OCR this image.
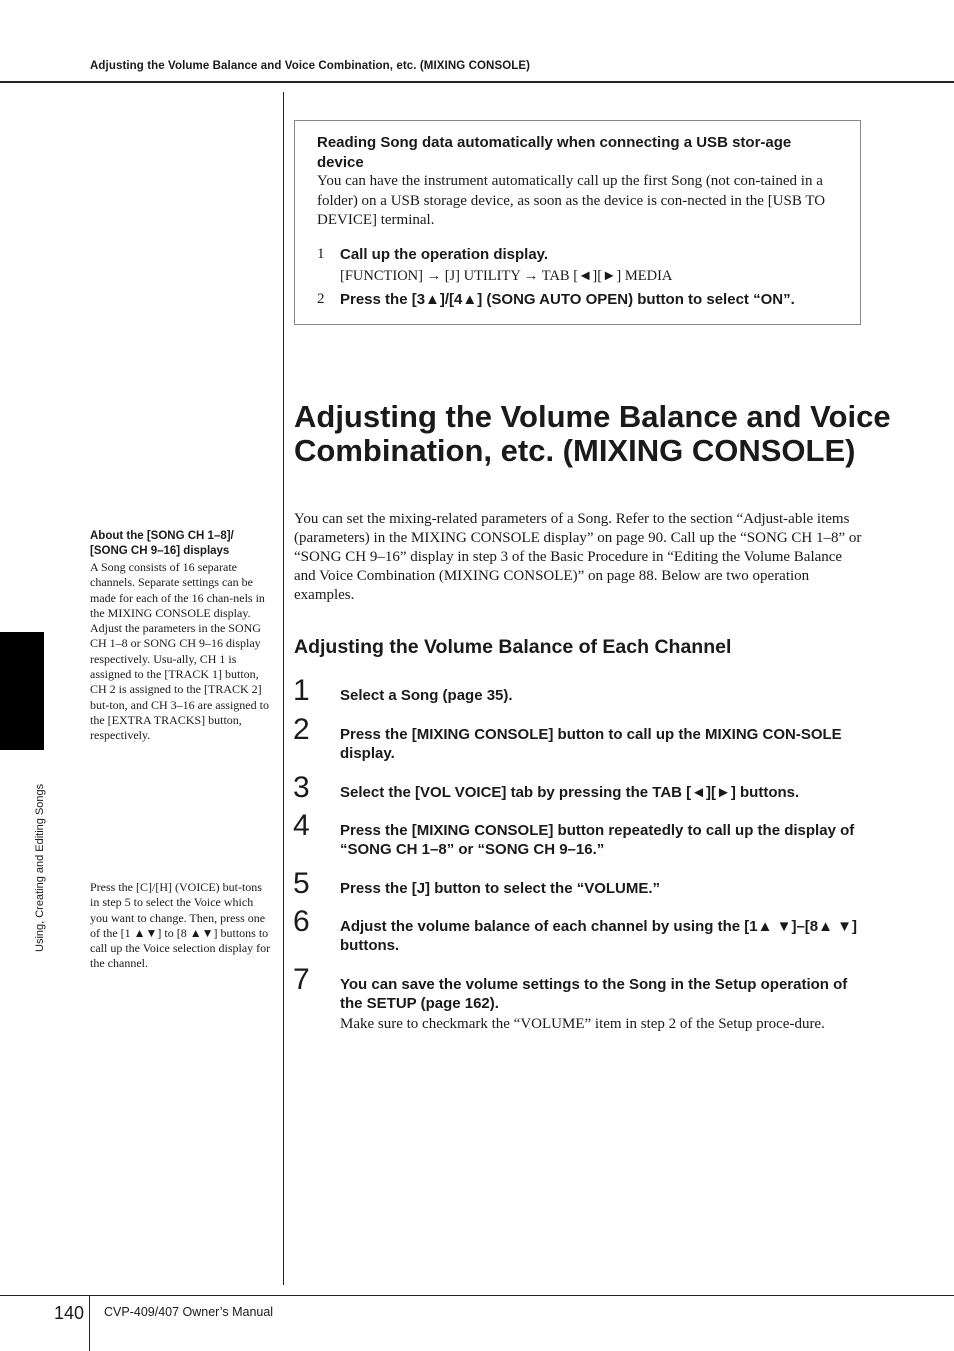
Adjusting the Volume Balance and Voice Combination, etc. (MIXING CONSOLE)
Using, Creating and Editing Songs
Reading Song data automatically when connecting a USB stor-age device
You can have the instrument automatically call up the first Song (not con-tained in a folder) on a USB storage device, as soon as the device is con-nected in the [USB TO DEVICE] terminal.
1 Call up the operation display.
[FUNCTION] → [J] UTILITY → TAB [◄][►] MEDIA
2 Press the [3▲]/[4▲] (SONG AUTO OPEN) button to select “ON”.
Adjusting the Volume Balance and Voice Combination, etc. (MIXING CONSOLE)
You can set the mixing-related parameters of a Song. Refer to the section “Adjust-able items (parameters) in the MIXING CONSOLE display” on page 90. Call up the “SONG CH 1–8” or “SONG CH 9–16” display in step 3 of the Basic Procedure in “Editing the Volume Balance and Voice Combination (MIXING CONSOLE)” on page 88. Below are two operation examples.
Adjusting the Volume Balance of Each Channel
1 Select a Song (page 35).
2 Press the [MIXING CONSOLE] button to call up the MIXING CON-SOLE display.
3 Select the [VOL VOICE] tab by pressing the TAB [◄][►] buttons.
4 Press the [MIXING CONSOLE] button repeatedly to call up the display of “SONG CH 1–8” or “SONG CH 9–16.”
5 Press the [J] button to select the “VOLUME.”
6 Adjust the volume balance of each channel by using the [1▲ ▼]–[8▲ ▼] buttons.
7 You can save the volume settings to the Song in the Setup operation of the SETUP (page 162).
Make sure to checkmark the “VOLUME” item in step 2 of the Setup proce-dure.
About the [SONG CH 1–8]/ [SONG CH 9–16] displays
A Song consists of 16 separate channels. Separate settings can be made for each of the 16 chan-nels in the MIXING CONSOLE display. Adjust the parameters in the SONG CH 1–8 or SONG CH 9–16 display respectively. Usu-ally, CH 1 is assigned to the [TRACK 1] button, CH 2 is assigned to the [TRACK 2] but-ton, and CH 3–16 are assigned to the [EXTRA TRACKS] button, respectively.
Press the [C]/[H] (VOICE) but-tons in step 5 to select the Voice which you want to change. Then, press one of the [1 ▲▼] to [8 ▲▼] buttons to call up the Voice selection display for the channel.
140 CVP-409/407 Owner’s Manual
